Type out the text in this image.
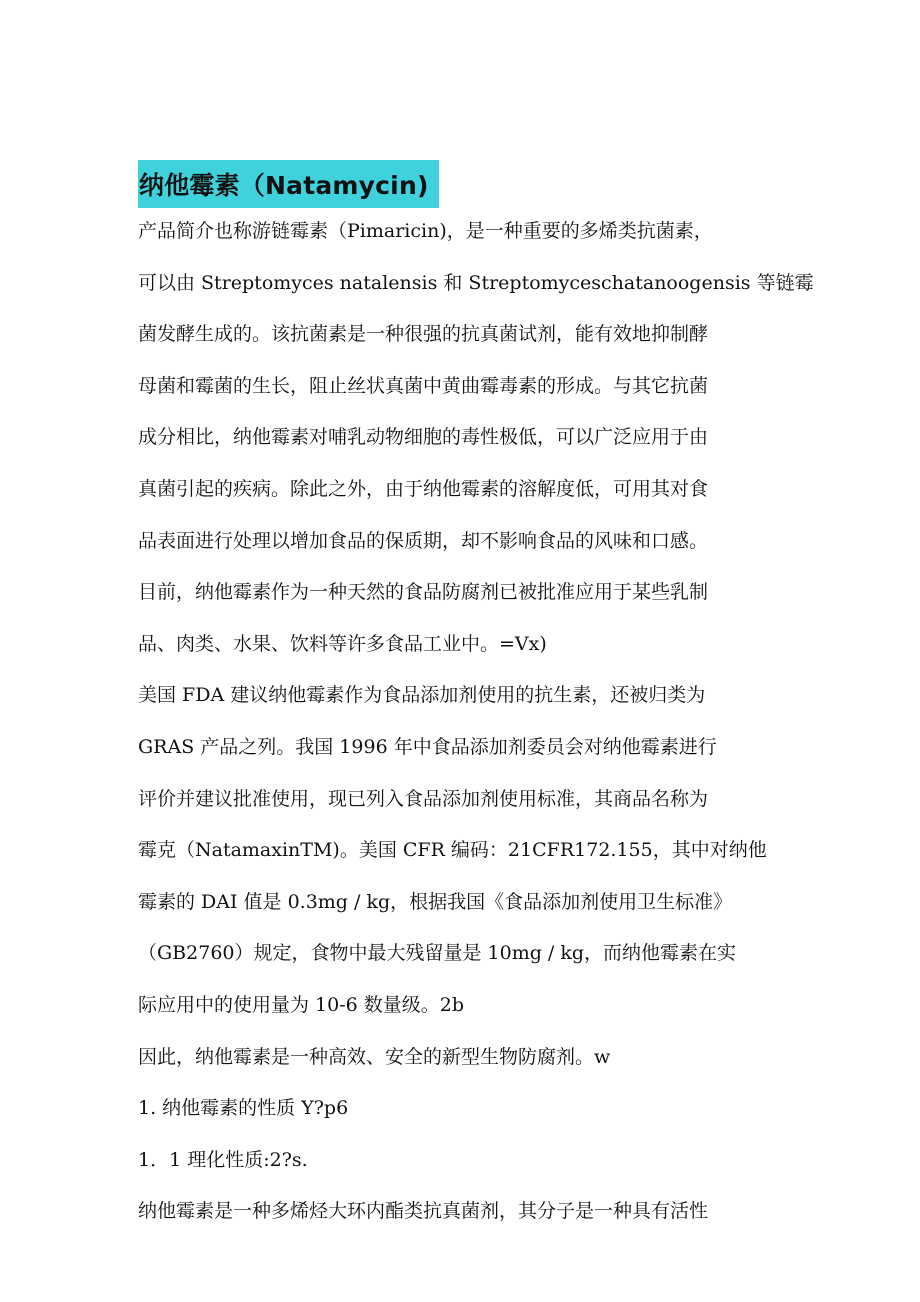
纳他霉素（Natamycin)
产品简介也称游链霉素（Pimaricin)，是一种重要的多烯类抗菌素，
可以由 Streptomyces natalensis 和 Streptomyceschatanoogensis 等链霉
菌发酵生成的。该抗菌素是一种很强的抗真菌试剂，能有效地抑制酵
母菌和霉菌的生长，阻止丝状真菌中黄曲霉毒素的形成。与其它抗菌
成分相比，纳他霉素对哺乳动物细胞的毒性极低，可以广泛应用于由
真菌引起的疾病。除此之外，由于纳他霉素的溶解度低，可用其对食
品表面进行处理以增加食品的保质期，却不影响食品的风味和口感。
目前，纳他霉素作为一种天然的食品防腐剂已被批准应用于某些乳制
品、肉类、水果、饮料等许多食品工业中。=Vx)
美国 FDA 建议纳他霉素作为食品添加剂使用的抗生素，还被归类为
GRAS 产品之列。我国 1996 年中食品添加剂委员会对纳他霉素进行
评价并建议批准使用，现已列入食品添加剂使用标准，其商品名称为
霉克（NatamaxinTM)。美国 CFR 编码：21CFR172.155，其中对纳他
霉素的 DAI 值是 0.3mg / kg，根据我国《食品添加剂使用卫生标准》
（GB2760）规定，食物中最大残留量是 10mg / kg，而纳他霉素在实
际应用中的使用量为 10-6 数量级。2b
因此，纳他霉素是一种高效、安全的新型生物防腐剂。w
1. 纳他霉素的性质 Y?p6
1．1 理化性质:2?s.
纳他霉素是一种多烯烃大环内酯类抗真菌剂，其分子是一种具有活性
